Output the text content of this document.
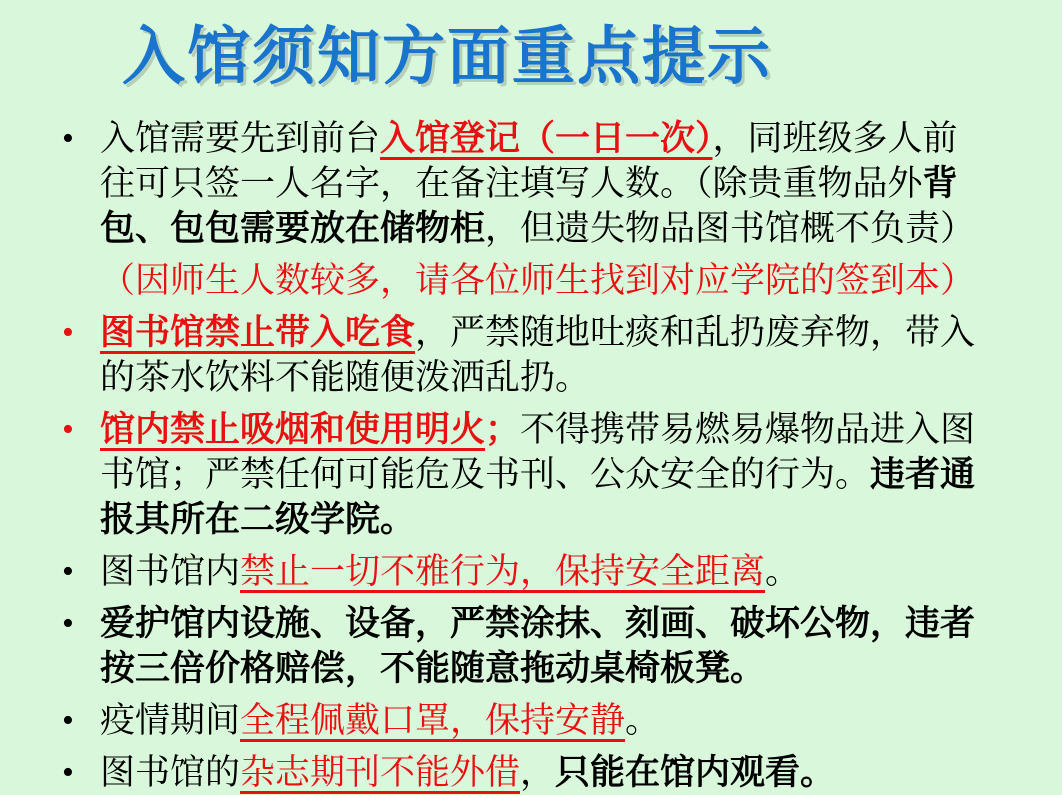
入馆须知方面重点提示
• 入馆需要先到前台入馆登记（一日一次），同班级多人前往可只签一人名字，在备注填写人数。（除贵重物品外背包、包包需要放在储物柜，但遗失物品图书馆概不负责）
（因师生人数较多，请各位师生找到对应学院的签到本）
• 图书馆禁止带入吃食，严禁随地吐痰和乱扔废弃物，带入的茶水饮料不能随便泼洒乱扔。
• 馆内禁止吸烟和使用明火；不得携带易燃易爆物品进入图书馆；严禁任何可能危及书刊、公众安全的行为。违者通报其所在二级学院。
• 图书馆内禁止一切不雅行为，保持安全距离。
• 爱护馆内设施、设备，严禁涂抹、刻画、破坏公物，违者按三倍价格赔偿，不能随意拖动桌椅板凳。
• 疫情期间全程佩戴口罩，保持安静。
• 图书馆的杂志期刊不能外借，只能在馆内观看。
